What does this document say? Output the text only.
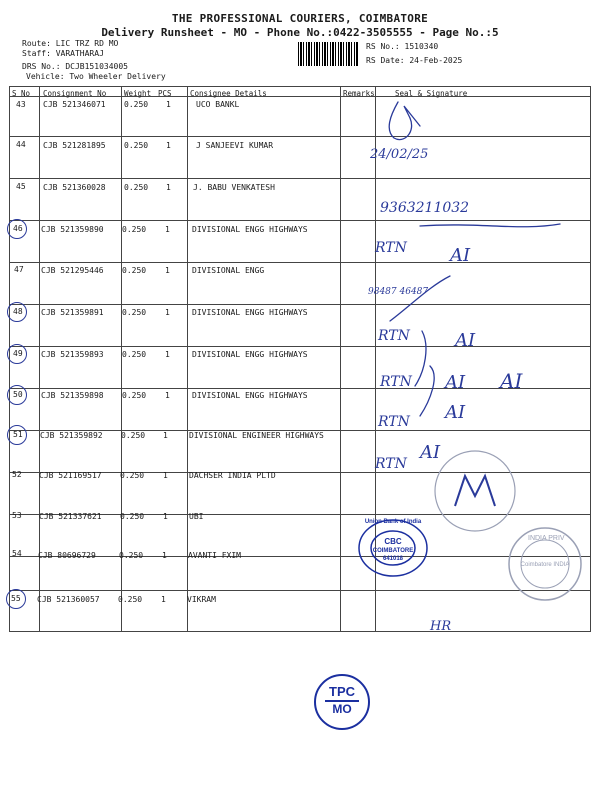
THE PROFESSIONAL COURIERS, COIMBATORE
Delivery Runsheet - MO - Phone No.:0422-3505555 - Page No.:5
Route: LIC TRZ RD MO
Staff: VARATHARAJ
DRS No.: DCJB151034005
Vehicle: Two Wheeler Delivery
RS No.: 1510340
RS Date: 24-Feb-2025
S No Consignment No Weight PCS Consignee Details	Remarks	Seal & Signature
43 CJB 521346071 0.250 1	UCO BANKL
44 CJB 521281895 0.250 1	J SANJEEVI KUMAR
45 CJB 521360028 0.250 1	J. BABU VENKATESH
46 CJB 521359890 0.250 1	DIVISIONAL ENGG HIGHWAYS
47 CJB 521295446 0.250 1	DIVISIONAL ENGG
48 CJB 521359891 0.250 1	DIVISIONAL ENGG HIGHWAYS
49 CJB 521359893 0.250 1	DIVISIONAL ENGG HIGHWAYS
50 CJB 521359898 0.250 1	DIVISIONAL ENGG HIGHWAYS
51 CJB 521359892 0.250 1	DIVISIONAL ENGINEER HIGHWAYS
52 CJB 521169517 0.250 1	DACHSER INDIA PLTD
53 CJB 521337621 0.250 1	UBI
54 CJB 80696729	0.250 1	AVANTI FXIM
55 CJB 521360057 0.250 1	VIKRAM
24/02/25
9363211032
RTN AI
98487 46487
RTN	AI
RTN AI AI
RTN AI
RTN
AI
HR
INDIA PRIV
Coimbatore INDIA
Union Bank of India
CBC
COIMBATORE
641018
TPC
MO
